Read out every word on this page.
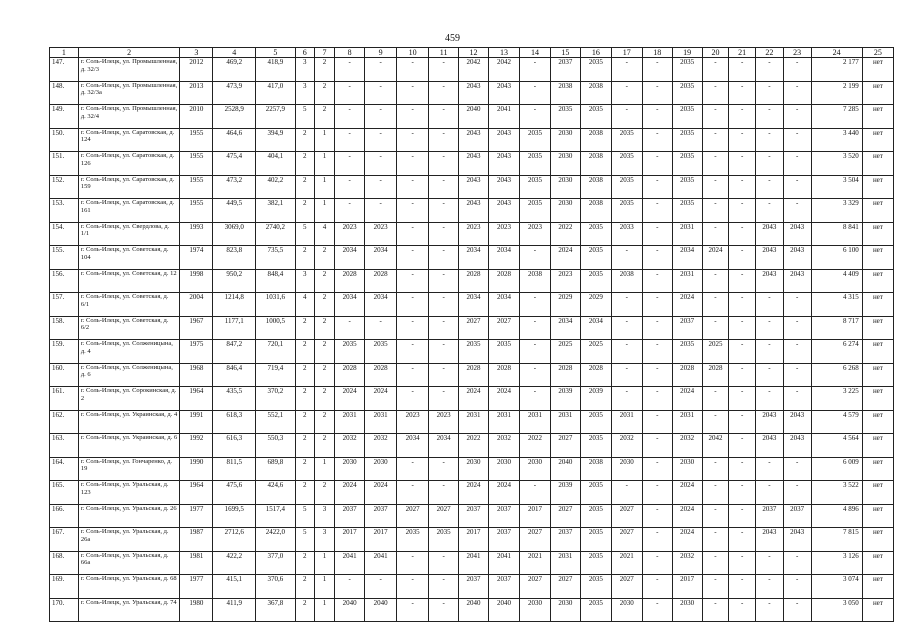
459
1	2	3	4	5	6	7	8	9	10	11	12	13	14	15	16	17	18	19	20	21	22	23	24	25
147.	г. Соль-Илецк, ул. Промышленная, д. 32/3	2012	469,2	418,9	3	2	-	-	-	-	2042	2042	-	2037	2035	-	-	2035	-	-	-	-	2 177	нет
148.	г. Соль-Илецк, ул. Промышленная, д. 32/3а	2013	473,9	417,0	3	2	-	-	-	-	2043	2043	-	2038	2038	-	-	2035	-	-	-	-	2 199	нет
149.	г. Соль-Илецк, ул. Промышленная, д. 32/4	2010	2528,9	2257,9	5	2	-	-	-	-	2040	2041	-	2035	2035	-	-	2035	-	-	-	-	7 285	нет
150.	г. Соль-Илецк, ул. Саратовская, д. 124	1955	464,6	394,9	2	1	-	-	-	-	2043	2043	2035	2030	2038	2035	-	2035	-	-	-	-	3 440	нет
151.	г. Соль-Илецк, ул. Саратовская, д. 126	1955	475,4	404,1	2	1	-	-	-	-	2043	2043	2035	2030	2038	2035	-	2035	-	-	-	-	3 520	нет
152.	г. Соль-Илецк, ул. Саратовская, д. 159	1955	473,2	402,2	2	1	-	-	-	-	2043	2043	2035	2030	2038	2035	-	2035	-	-	-	-	3 504	нет
153.	г. Соль-Илецк, ул. Саратовская, д. 161	1955	449,5	382,1	2	1	-	-	-	-	2043	2043	2035	2030	2038	2035	-	2035	-	-	-	-	3 329	нет
154.	г. Соль-Илецк, ул. Свердлова, д. 1/1	1993	3069,0	2740,2	5	4	2023	2023	-	-	2023	2023	2023	2022	2035	2033	-	2031	-	-	2043	2043	8 841	нет
155.	г. Соль-Илецк, ул. Советская, д. 104	1974	823,8	735,5	2	2	2034	2034	-	-	2034	2034	-	2024	2035	-	-	2034	2024	-	2043	2043	6 100	нет
156.	г. Соль-Илецк, ул. Советская, д. 12	1998	950,2	848,4	3	2	2028	2028	-	-	2028	2028	2038	2023	2035	2038	-	2031	-	-	2043	2043	4 409	нет
157.	г. Соль-Илецк, ул. Советская, д. 6/1	2004	1214,8	1031,6	4	2	2034	2034	-	-	2034	2034	-	2029	2029	-	-	2024	-	-	-	-	4 315	нет
158.	г. Соль-Илецк, ул. Советская, д. 6/2	1967	1177,1	1000,5	2	2	-	-	-	-	2027	2027	-	2034	2034	-	-	2037	-	-	-	-	8 717	нет
159.	г. Соль-Илецк, ул. Солженицына, д. 4	1975	847,2	720,1	2	2	2035	2035	-	-	2035	2035	-	2025	2025	-	-	2035	2025	-	-	-	6 274	нет
160.	г. Соль-Илецк, ул. Солженицына, д. 6	1968	846,4	719,4	2	2	2028	2028	-	-	2028	2028	-	2028	2028	-	-	2028	2028	-	-	-	6 268	нет
161.	г. Соль-Илецк, ул. Сорокинская, д. 2	1964	435,5	370,2	2	2	2024	2024	-	-	2024	2024	-	2039	2039	-	-	2024	-	-	-	-	3 225	нет
162.	г. Соль-Илецк, ул. Украинская, д. 4	1991	618,3	552,1	2	2	2031	2031	2023	2023	2031	2031	2031	2031	2035	2031	-	2031	-	-	2043	2043	4 579	нет
163.	г. Соль-Илецк, ул. Украинская, д. 6	1992	616,3	550,3	2	2	2032	2032	2034	2034	2022	2032	2022	2027	2035	2032	-	2032	2042	-	2043	2043	4 564	нет
164.	г. Соль-Илецк, ул. Гончаренко, д. 19	1990	811,5	689,8	2	1	2030	2030	-	-	2030	2030	2030	2040	2038	2030	-	2030	-	-	-	-	6 009	нет
165.	г. Соль-Илецк, ул. Уральская, д. 123	1964	475,6	424,6	2	2	2024	2024	-	-	2024	2024	-	2039	2035	-	-	2024	-	-	-	-	3 522	нет
166.	г. Соль-Илецк, ул. Уральская, д. 26	1977	1699,5	1517,4	5	3	2037	2037	2027	2027	2037	2037	2017	2027	2035	2027	-	2024	-	-	2037	2037	4 896	нет
167.	г. Соль-Илецк, ул. Уральская, д. 26а	1987	2712,6	2422,0	5	3	2017	2017	2035	2035	2017	2037	2027	2037	2035	2027	-	2024	-	-	2043	2043	7 815	нет
168.	г. Соль-Илецк, ул. Уральская, д. 66а	1981	422,2	377,0	2	1	2041	2041	-	-	2041	2041	2021	2031	2035	2021	-	2032	-	-	-	-	3 126	нет
169.	г. Соль-Илецк, ул. Уральская, д. 68	1977	415,1	370,6	2	1	-	-	-	-	2037	2037	2027	2027	2035	2027	-	2017	-	-	-	-	3 074	нет
170.	г. Соль-Илецк, ул. Уральская, д. 74	1980	411,9	367,8	2	1	2040	2040	-	-	2040	2040	2030	2030	2035	2030	-	2030	-	-	-	-	3 050	нет
